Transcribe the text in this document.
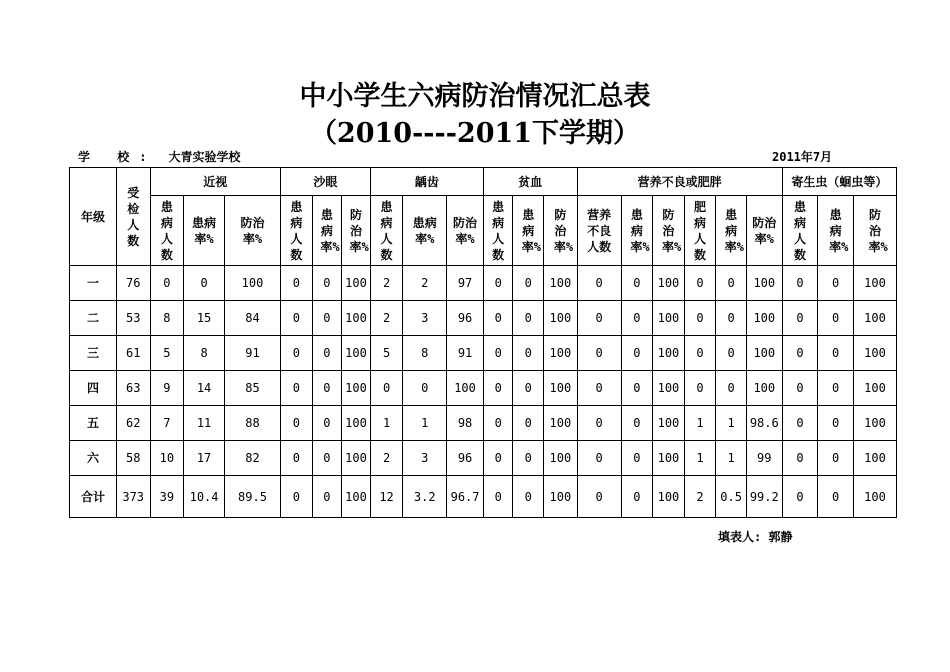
中小学生六病防治情况汇总表
（2010----2011下学期）
学 校: 大青实验学校	2011年7月
年级	受检人数	近视			沙眼			龋齿			贫血			营养不良或肥胖						寄生虫（蛔虫等）		
		患病人数	患病率%	防治率%	患病人数	患病率%	防治率%	患病人数	患病率%	防治率%	患病人数	患病率%	防治率%	营养不良人数	患病率%	防治率%	肥病人数	患病率%	防治率%	患病人数	患病率%	防治率%
一	76	0	0	100	0	0	100	2	2	97	0	0	100	0	0	100	0	0	100	0	0	100
二	53	8	15	84	0	0	100	2	3	96	0	0	100	0	0	100	0	0	100	0	0	100
三	61	5	8	91	0	0	100	5	8	91	0	0	100	0	0	100	0	0	100	0	0	100
四	63	9	14	85	0	0	100	0	0	100	0	0	100	0	0	100	0	0	100	0	0	100
五	62	7	11	88	0	0	100	1	1	98	0	0	100	0	0	100	1	1	98.6	0	0	100
六	58	10	17	82	0	0	100	2	3	96	0	0	100	0	0	100	1	1	99	0	0	100
合计	373	39	10.4	89.5	0	0	100	12	3.2	96.7	0	0	100	0	0	100	2	0.5	99.2	0	0	100
填表人: 郭静
